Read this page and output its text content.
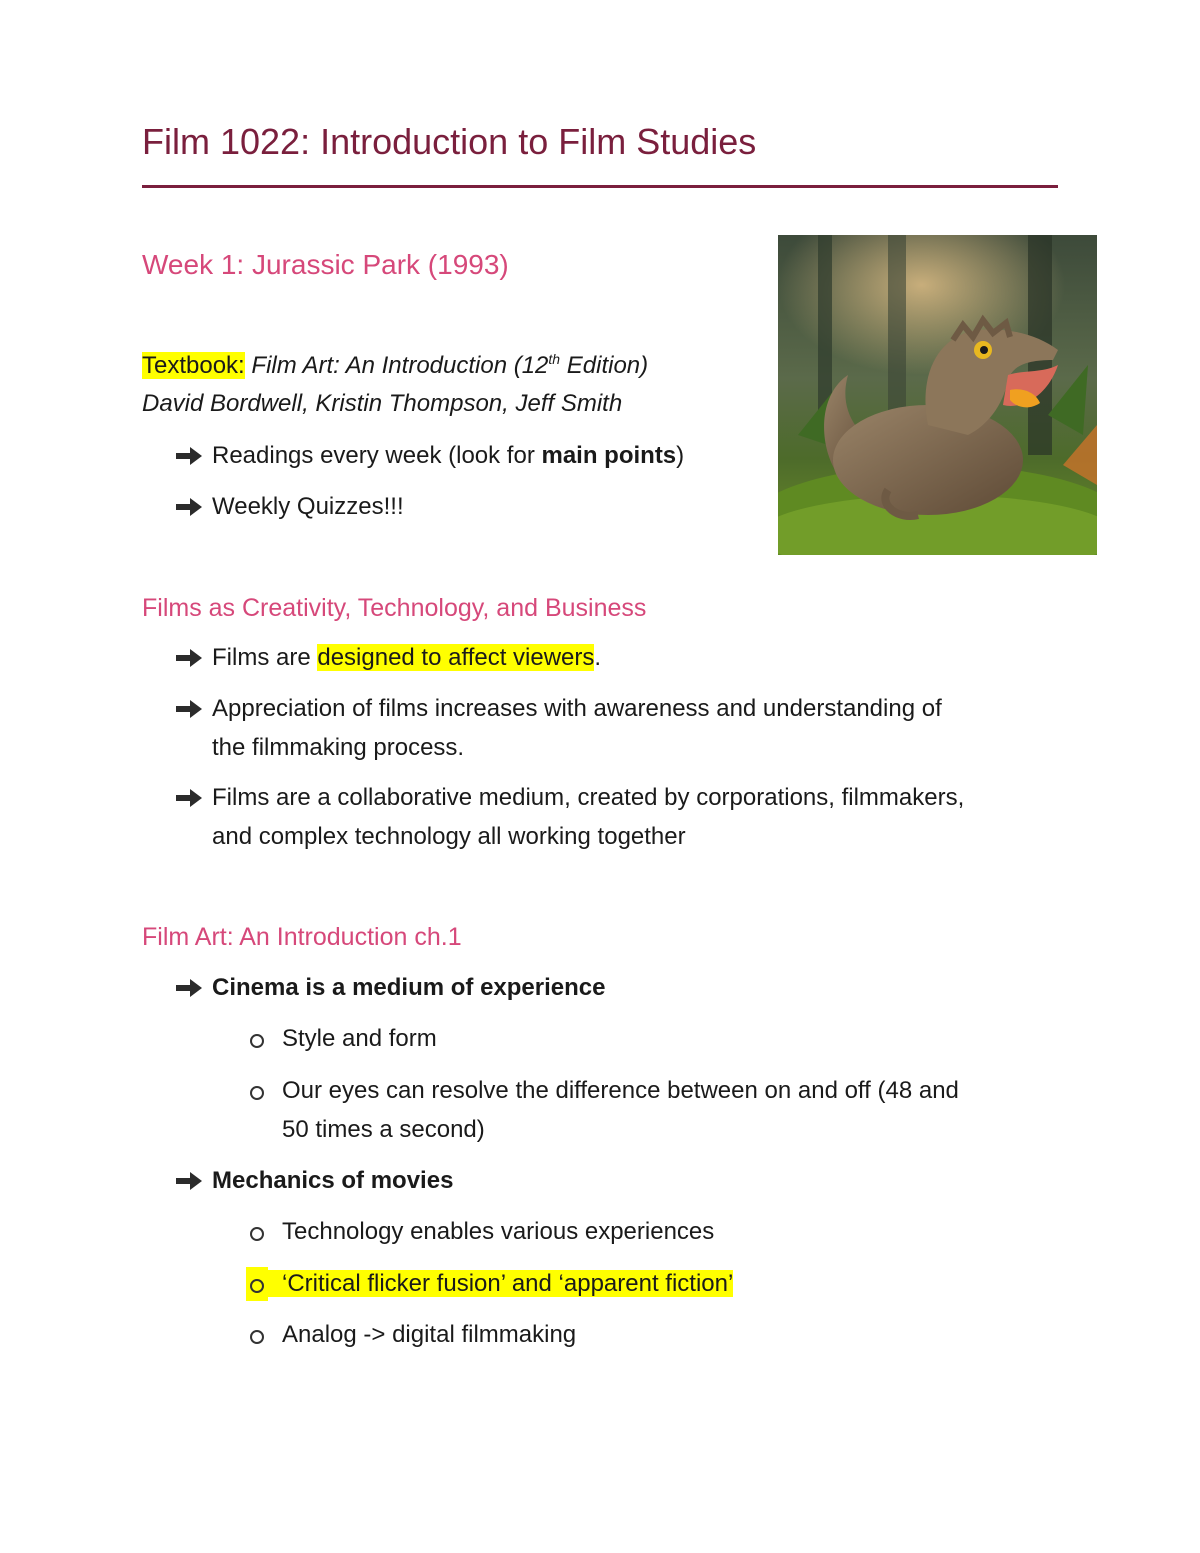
Film 1022: Introduction to Film Studies
Week 1: Jurassic Park (1993)
Textbook: Film Art: An Introduction (12th Edition)
David Bordwell, Kristin Thompson, Jeff Smith
Readings every week (look for main points)
Weekly Quizzes!!!
Films as Creativity, Technology, and Business
Films are designed to affect viewers.
Appreciation of films increases with awareness and understanding of
the filmmaking process.
Films are a collaborative medium, created by corporations, filmmakers,
and complex technology all working together
Film Art: An Introduction ch.1
Cinema is a medium of experience
Style and form
Our eyes can resolve the difference between on and off (48 and
50 times a second)
Mechanics of movies
Technology enables various experiences
‘Critical flicker fusion’ and ‘apparent fiction’
Analog -> digital filmmaking
